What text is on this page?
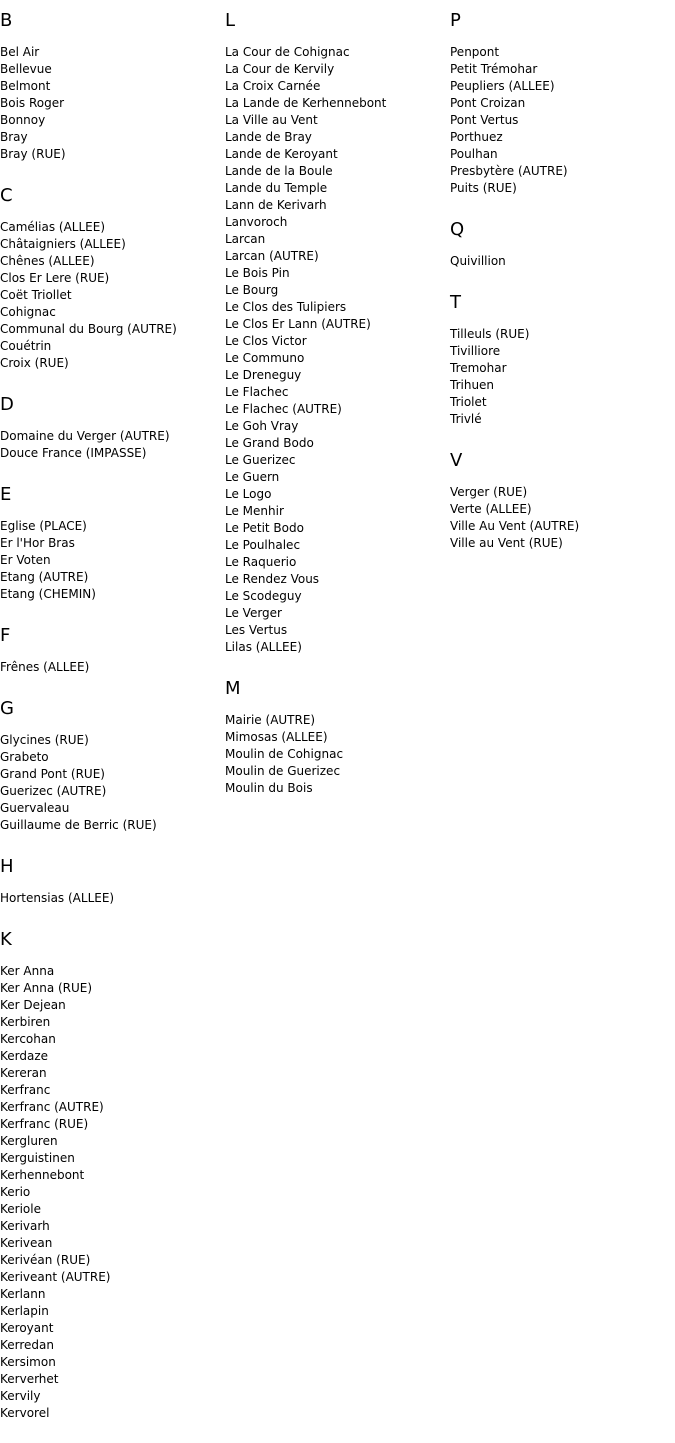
B
Bel Air
Bellevue
Belmont
Bois Roger
Bonnoy
Bray
Bray (RUE)
C
Camélias (ALLEE)
Châtaigniers (ALLEE)
Chênes (ALLEE)
Clos Er Lere (RUE)
Coët Triollet
Cohignac
Communal du Bourg (AUTRE)
Couétrin
Croix (RUE)
D
Domaine du Verger (AUTRE)
Douce France (IMPASSE)
E
Eglise (PLACE)
Er l'Hor Bras
Er Voten
Etang (AUTRE)
Etang (CHEMIN)
F
Frênes (ALLEE)
G
Glycines (RUE)
Grabeto
Grand Pont (RUE)
Guerizec (AUTRE)
Guervaleau
Guillaume de Berric (RUE)
H
Hortensias (ALLEE)
K
Ker Anna
Ker Anna (RUE)
Ker Dejean
Kerbiren
Kercohan
Kerdaze
Kereran
Kerfranc
Kerfranc (AUTRE)
Kerfranc (RUE)
Kergluren
Kerguistinen
Kerhennebont
Kerio
Keriole
Kerivarh
Kerivean
Kerivéan (RUE)
Keriveant (AUTRE)
Kerlann
Kerlapin
Keroyant
Kerredan
Kersimon
Kerverhet
Kervily
Kervorel
L
La Cour de Cohignac
La Cour de Kervily
La Croix Carnée
La Lande de Kerhennebont
La Ville au Vent
Lande de Bray
Lande de Keroyant
Lande de la Boule
Lande du Temple
Lann de Kerivarh
Lanvoroch
Larcan
Larcan (AUTRE)
Le Bois Pin
Le Bourg
Le Clos des Tulipiers
Le Clos Er Lann (AUTRE)
Le Clos Victor
Le Communo
Le Dreneguy
Le Flachec
Le Flachec (AUTRE)
Le Goh Vray
Le Grand Bodo
Le Guerizec
Le Guern
Le Logo
Le Menhir
Le Petit Bodo
Le Poulhalec
Le Raquerio
Le Rendez Vous
Le Scodeguy
Le Verger
Les Vertus
Lilas (ALLEE)
M
Mairie (AUTRE)
Mimosas (ALLEE)
Moulin de Cohignac
Moulin de Guerizec
Moulin du Bois
P
Penpont
Petit Trémohar
Peupliers (ALLEE)
Pont Croizan
Pont Vertus
Porthuez
Poulhan
Presbytère (AUTRE)
Puits (RUE)
Q
Quivillion
T
Tilleuls (RUE)
Tivilliore
Tremohar
Trihuen
Triolet
Trivlé
V
Verger (RUE)
Verte (ALLEE)
Ville Au Vent (AUTRE)
Ville au Vent (RUE)
